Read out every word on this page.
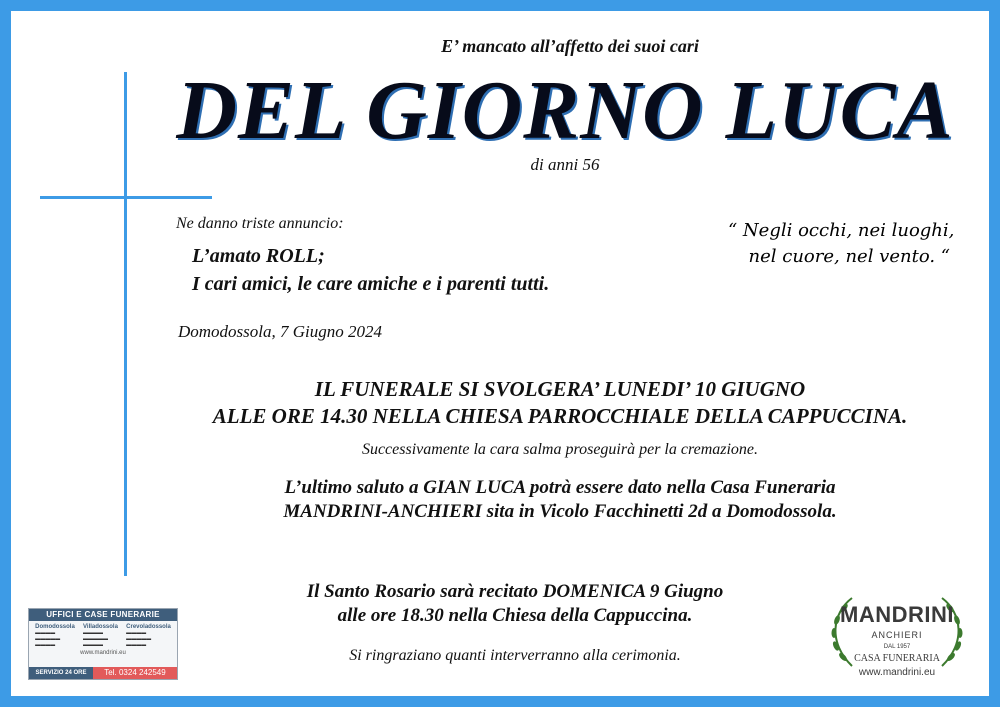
E’ mancato all’affetto dei suoi cari
DEL GIORNO LUCA
di anni 56
Ne danno triste annuncio:
L’amato ROLL;
I cari amici, le care amiche e i parenti tutti.
“ Negli occhi, nei luoghi,
nel cuore, nel vento. “
Domodossola, 7 Giugno 2024
IL FUNERALE SI SVOLGERA’ LUNEDI’ 10 GIUGNO
ALLE ORE 14.30 NELLA CHIESA PARROCCHIALE DELLA CAPPUCCINA.
Successivamente la cara salma proseguirà per la cremazione.
L’ultimo saluto a GIAN LUCA potrà essere dato nella Casa Funeraria
MANDRINI-ANCHIERI sita in Vicolo Facchinetti 2d a Domodossola.
Il Santo Rosario sarà recitato DOMENICA 9 Giugno
alle ore 18.30 nella Chiesa della Cappuccina.
Si ringraziano quanti interverranno alla cerimonia.
UFFICI E CASE FUNERARIE
Domodossola
▬▬▬▬
▬▬▬▬▬
▬▬▬▬
Villadossola
▬▬▬▬
▬▬▬▬▬
▬▬▬▬
Crevoladossola
▬▬▬▬
▬▬▬▬▬
▬▬▬▬
www.mandrini.eu
SERVIZIO 24 ORE	Tel. 0324 242549
MANDRINI
ANCHIERI
DAL 1957
CASA FUNERARIA
www.mandrini.eu
